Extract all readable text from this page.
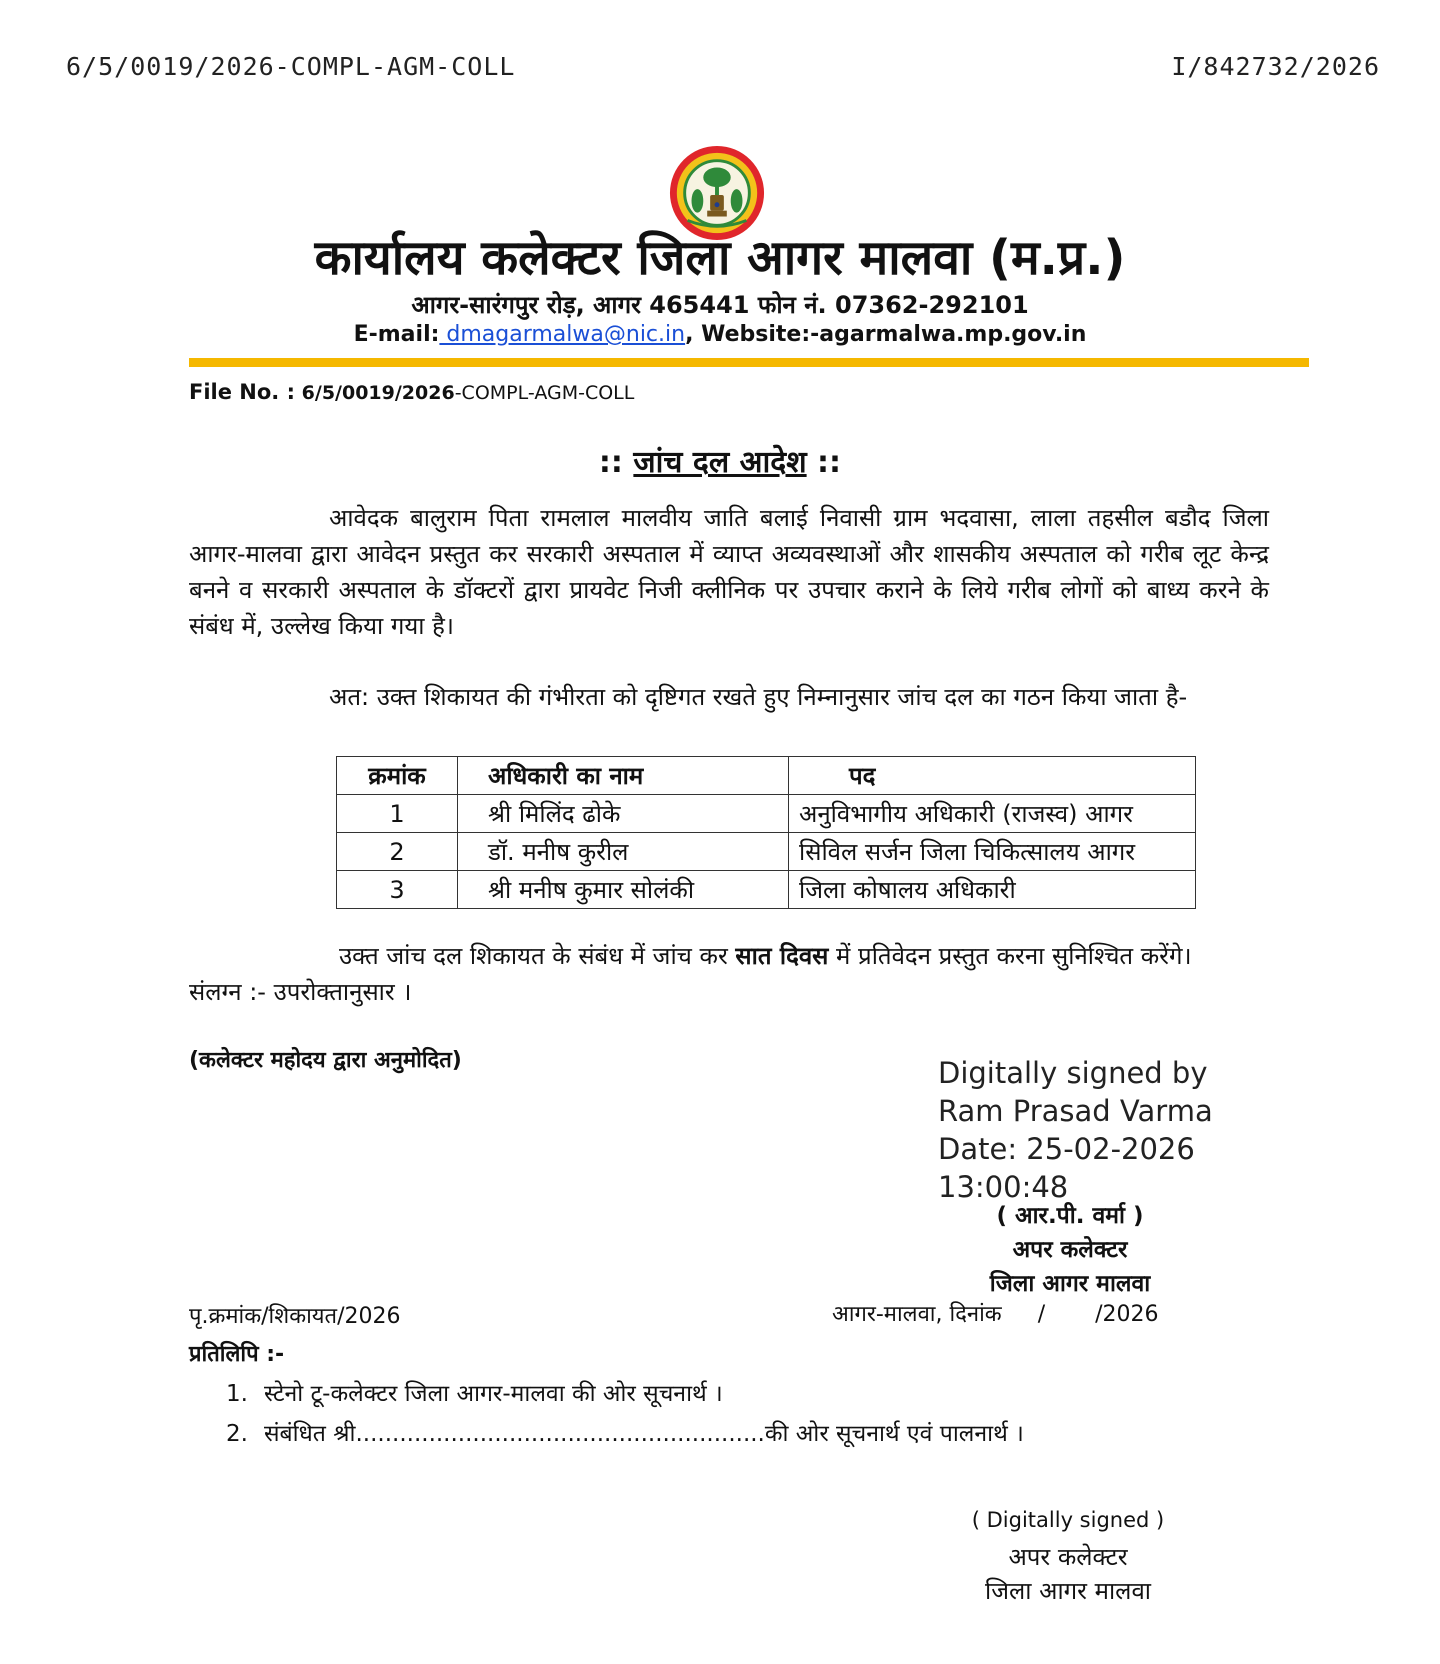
6/5/0019/2026-COMPL-AGM-COLL	I/842732/2026
कार्यालय कलेक्टर जिला आगर मालवा (म.प्र.)
आगर-सारंगपुर रोड़, आगर 465441 फोन नं. 07362-292101
E-mail: dmagarmalwa@nic.in, Website:-agarmalwa.mp.gov.in
File No. : 6/5/0019/2026-COMPL-AGM-COLL
:: जांच दल आदेश ::
आवेदक बालुराम पिता रामलाल मालवीय जाति बलाई निवासी ग्राम भदवासा, लाला तहसील बडौद जिला आगर-मालवा द्वारा आवेदन प्रस्तुत कर सरकारी अस्पताल में व्याप्त अव्यवस्थाओं और शासकीय अस्पताल को गरीब लूट केन्द्र बनने व सरकारी अस्पताल के डॉक्टरों द्वारा प्रायवेट निजी क्लीनिक पर उपचार कराने के लिये गरीब लोगों को बाध्य करने के संबंध में, उल्लेख किया गया है।
अत: उक्त शिकायत की गंभीरता को दृष्टिगत रखते हुए निम्नानुसार जांच दल का गठन किया जाता है-
क्रमांक	अधिकारी का नाम	पद
1	श्री मिलिंद ढोके	अनुविभागीय अधिकारी (राजस्व) आगर
2	डॉ. मनीष कुरील	सिविल सर्जन जिला चिकित्सालय आगर
3	श्री मनीष कुमार सोलंकी	जिला कोषालय अधिकारी
उक्त जांच दल शिकायत के संबंध में जांच कर सात दिवस में प्रतिवेदन प्रस्तुत करना सुनिश्चित करेंगे।
संलग्न :- उपरोक्तानुसार ।
(कलेक्टर महोदय द्वारा अनुमोदित)	Digitally signed by
Ram Prasad Varma
Date: 25-02-2026
13:00:48
( आर.पी. वर्मा )
अपर कलेक्टर
जिला आगर मालवा
पृ.क्रमांक/शिकायत/2026	आगर-मालवा, दिनांक / /2026
प्रतिलिपि :-
1. स्टेनो टू-कलेक्टर जिला आगर-मालवा की ओर सूचनार्थ ।
2. संबंधित श्री........................................................की ओर सूचनार्थ एवं पालनार्थ ।
( Digitally signed )
अपर कलेक्टर
जिला आगर मालवा
